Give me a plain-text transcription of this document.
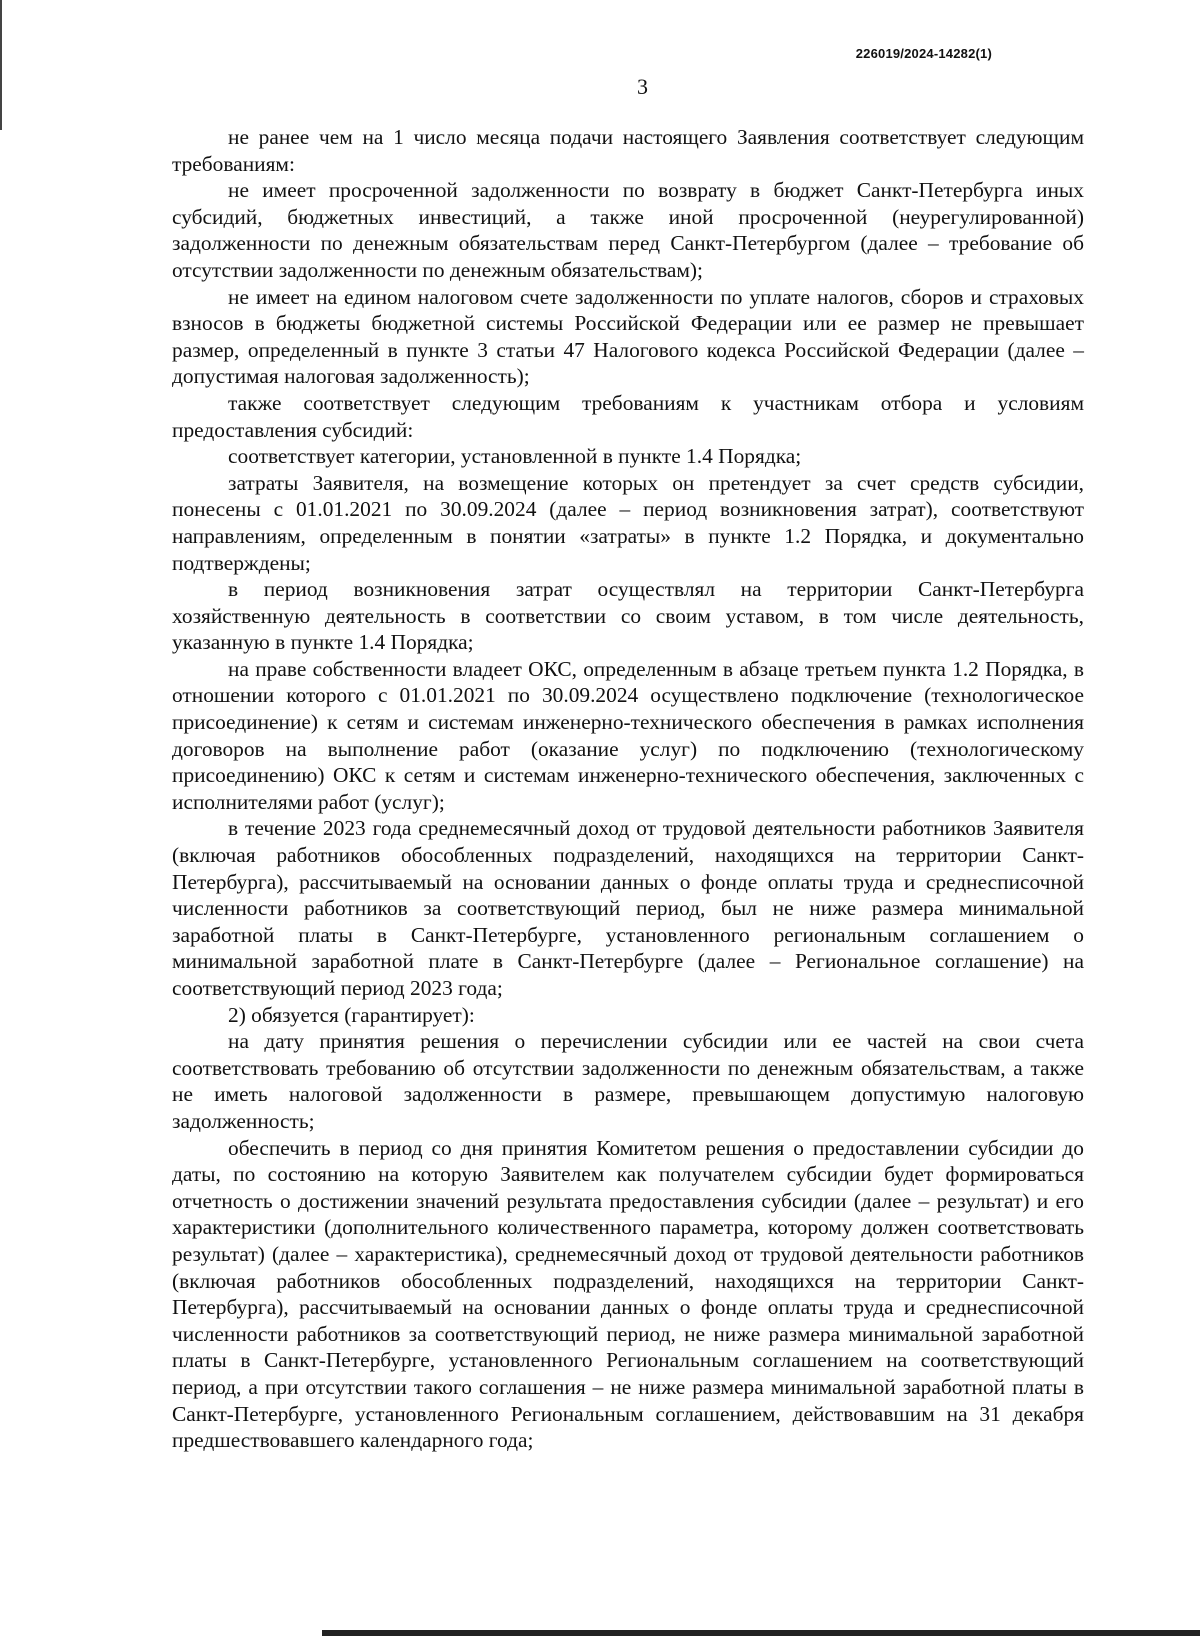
226019/2024-14282(1)
3

не ранее чем на 1 число месяца подачи настоящего Заявления соответствует следующим требованиям:

не имеет просроченной задолженности по возврату в бюджет Санкт-Петербурга иных субсидий, бюджетных инвестиций, а также иной просроченной (неурегулированной) задолженности по денежным обязательствам перед Санкт-Петербургом (далее – требование об отсутствии задолженности по денежным обязательствам);

не имеет на едином налоговом счете задолженности по уплате налогов, сборов и страховых взносов в бюджеты бюджетной системы Российской Федерации или ее размер не превышает размер, определенный в пункте 3 статьи 47 Налогового кодекса Российской Федерации (далее – допустимая налоговая задолженность);

также соответствует следующим требованиям к участникам отбора и условиям предоставления субсидий:

соответствует категории, установленной в пункте 1.4 Порядка;

затраты Заявителя, на возмещение которых он претендует за счет средств субсидии, понесены с 01.01.2021 по 30.09.2024 (далее – период возникновения затрат), соответствуют направлениям, определенным в понятии «затраты» в пункте 1.2 Порядка, и документально подтверждены;

в период возникновения затрат осуществлял на территории Санкт-Петербурга хозяйственную деятельность в соответствии со своим уставом, в том числе деятельность, указанную в пункте 1.4 Порядка;

на праве собственности владеет ОКС, определенным в абзаце третьем пункта 1.2 Порядка, в отношении которого с 01.01.2021 по 30.09.2024 осуществлено подключение (технологическое присоединение) к сетям и системам инженерно-технического обеспечения в рамках исполнения договоров на выполнение работ (оказание услуг) по подключению (технологическому присоединению) ОКС к сетям и системам инженерно-технического обеспечения, заключенных с исполнителями работ (услуг);

в течение 2023 года среднемесячный доход от трудовой деятельности работников Заявителя (включая работников обособленных подразделений, находящихся на территории Санкт-Петербурга), рассчитываемый на основании данных о фонде оплаты труда и среднесписочной численности работников за соответствующий период, был не ниже размера минимальной заработной платы в Санкт-Петербурге, установленного региональным соглашением о минимальной заработной плате в Санкт-Петербурге (далее – Региональное соглашение) на соответствующий период 2023 года;

2) обязуется (гарантирует):

на дату принятия решения о перечислении субсидии или ее частей на свои счета соответствовать требованию об отсутствии задолженности по денежным обязательствам, а также не иметь налоговой задолженности в размере, превышающем допустимую налоговую задолженность;

обеспечить в период со дня принятия Комитетом решения о предоставлении субсидии до даты, по состоянию на которую Заявителем как получателем субсидии будет формироваться отчетность о достижении значений результата предоставления субсидии (далее – результат) и его характеристики (дополнительного количественного параметра, которому должен соответствовать результат) (далее – характеристика), среднемесячный доход от трудовой деятельности работников (включая работников обособленных подразделений, находящихся на территории Санкт-Петербурга), рассчитываемый на основании данных о фонде оплаты труда и среднесписочной численности работников за соответствующий период, не ниже размера минимальной заработной платы в Санкт-Петербурге, установленного Региональным соглашением на соответствующий период, а при отсутствии такого соглашения – не ниже размера минимальной заработной платы в Санкт-Петербурге, установленного Региональным соглашением, действовавшим на 31 декабря предшествовавшего календарного года;
